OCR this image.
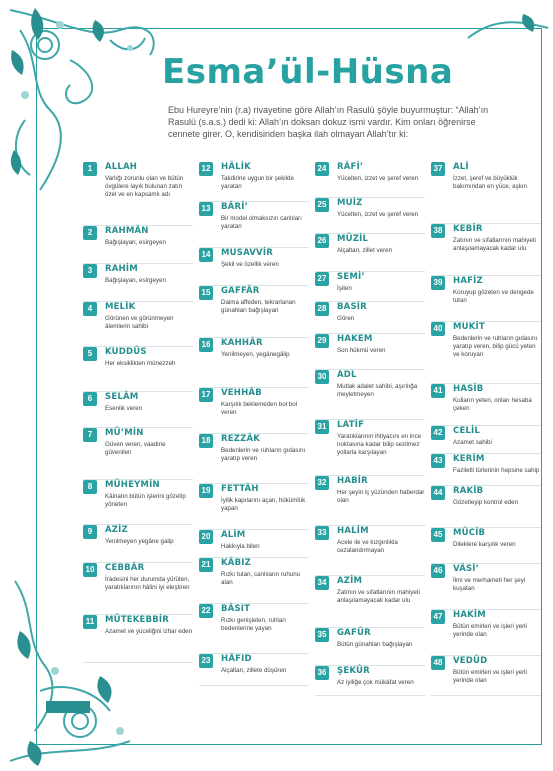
Esma’ül-Hüsna
Ebu Hureyre’nin (r.a) rivayetine göre Allah’ın Rasulü şöyle buyurmuştur: “Allah’ın Rasulü (s.a.s.) dedi ki: Allah’ın doksan dokuz ismi vardır. Kim onları öğrenirse cennete girer. O, kendisinden başka ilah olmayan Allah’tır ki:
1	ALLAH
Varlığı zorunlu olan ve bütün övgülere layık bulunan zatın özel ve en kapsamlı adı
2	RAHMÂN
Bağışlayan, esirgeyen
3	RAHİM
Bağışlayan, esirgeyen
4	MELİK
Görünen ve görünmeyen âlemlerin sahibi
5	KUDDÛS
Her eksiklikten münezzeh
6	SELÂM
Esenlik veren
7	MÜ’MİN
Güven veren, vaadine güvenilen
8	MÜHEYMİN
Kâinatın bütün işlerini gözetip yöneten
9	AZİZ
Yenilmeyen yegâne galip
10 CEBBÂR
İradesini her durumda yürüten, yaratıklarının hâlini iyi eleştiren
11	MÜTEKEBBİR
Azamet ve yüceliğini izhar eden
12 HÂLİK
Takdirine uygun bir şekilde yaratan
13 BÂRİ’
Bir model olmaksızın canlıları yaratan
14 MUSAVVİR
Şekil ve özellik veren
15 GAFFÂR
Daima affeden, tekrarlanan günahları bağışlayan
16 KAHHÂR
Yenilmeyen, yegânegâlip
17 VEHHÂB
Karşılık beklemeden bol bol veren
18 REZZÂK
Bedenlerin ve ruhların gıdasını yaratıp veren
19 FETTÂH
İyilik kapılarını açan, hükümlük yapan
20 ALİM
Hakkıyla bilen
21 KÂBIZ
Rızkı tutan, canlıların ruhunu alan
22 BÂSIT
Rızkı genişleten, ruhları bedenlerine yayan
23 HÂFID
Alçaltan, zillete düşüren
24 RÂFİ’
Yücelten, izzet ve şeref veren
25 MUİZ
Yücelten, izzet ve şeref veren
26 MÜZİL
Alçaltan, zillet veren
27 SEMİ’
İşiten
28 BASİR
Gören
29 HAKEM
Son hükmü veren
30 ADL
Mutlak adalet sahibi, aşırılığa meyletmeyen
31 LATİF
Yaratıklarının ihtiyacını en ince noktasına kadar bilip sezilmez yollarla karşılayan
32 HABİR
Her şeyin iç yüzünden haberdar olan
33 HALİM
Acele ile ve kızgınlıkla cezalandırmayan
34 AZİM
Zatının ve sıfatlarının mahiyeti anlaşılamayacak kadar ulu
35 GAFÛR
Bütün günahları bağışlayan
36 ŞEKÛR
Az iyiliğe çok mükâfat veren
37 ALİ
İzzet, şeref ve büyüklük bakımından en yüce, aşkın
38 KEBİR
Zatının ve sıfatlarının mahiyeti anlaşılamayacak kadar ulu
39 HAFİZ
Koruyup gözeten ve dengede tutan
40 MUKİT
Bedenlerin ve ruhların gıdasını yaratıp veren, bilip gücü yeten ve koruyan
41 HASİB
Kulların yeten, onları hesaba çeken
42 CELİL
Azamet sahibi
43 KERİM
Faziletli türlerinin hepsine sahip
44 RAKİB
Gözetleyip kontrol eden
45 MÜCİB
Dileklere karşılık veren
46 VÂSİ’
İlmi ve merhameti her şeyi kuşatan
47 HAKİM
Bütün emirleri ve işleri yerli yerinde olan
48 VEDÛD
Bütün emirleri ve işleri yerli yerinde olan
